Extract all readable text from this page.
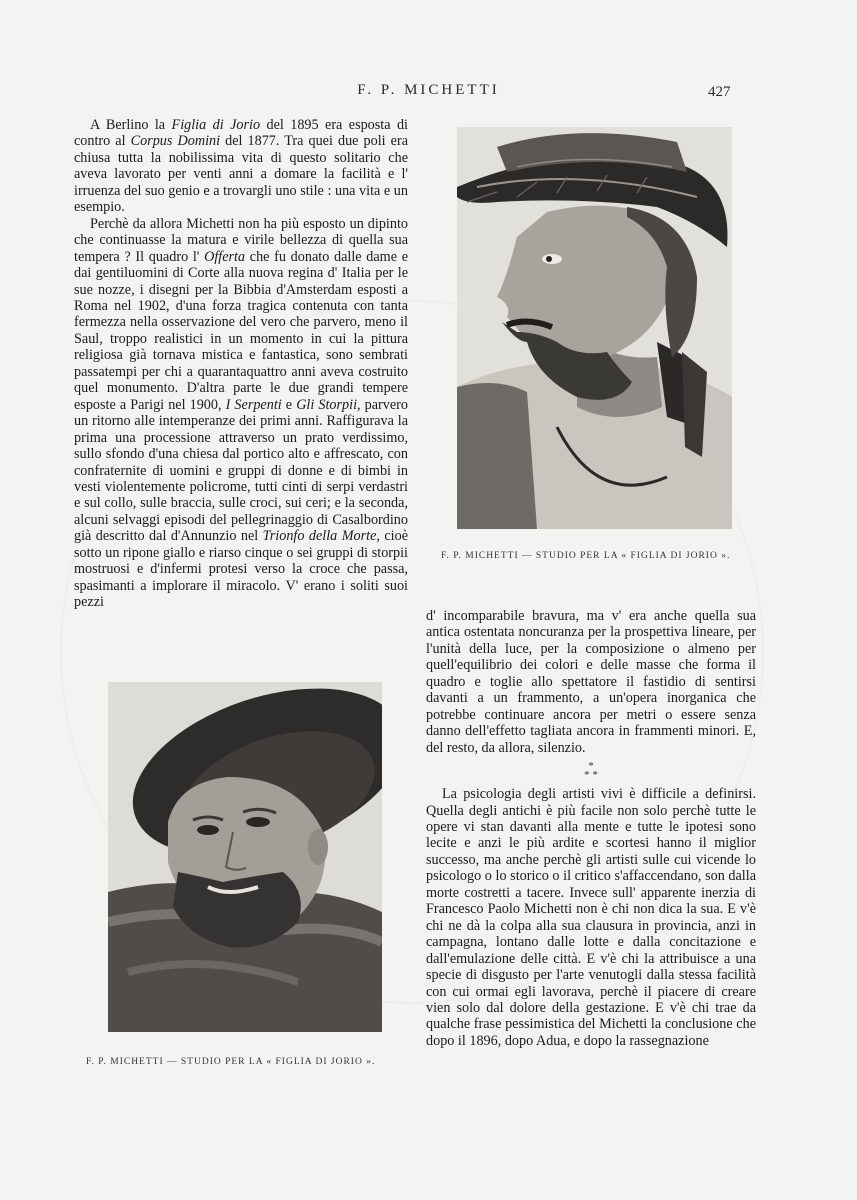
F. P. MICHETTI	427

A Berlino la Figlia di Jorio del 1895 era esposta di contro al Corpus Domini del 1877. Tra quei due poli era chiusa tutta la nobilissima vita di questo solitario che aveva lavorato per venti anni a domare la facilità e l' irruenza del suo genio e a trovargli uno stile : una vita e un esempio.

Perchè da allora Michetti non ha più esposto un dipinto che continuasse la matura e virile bellezza di quella sua tempera ? Il quadro l' Offerta che fu donato dalle dame e dai gentiluomini di Corte alla nuova regina d' Italia per le sue nozze, i disegni per la Bibbia d'Amsterdam esposti a Roma nel 1902, d'una forza tragica contenuta con tanta fermezza nella osservazione del vero che parvero, meno il Saul, troppo realistici in un momento in cui la pittura religiosa già tornava mistica e fantastica, sono sembrati passatempi per chi a quarantaquattro anni aveva costruito quel monumento. D'altra parte le due grandi tempere esposte a Parigi nel 1900, I Serpenti e Gli Storpii, parvero un ritorno alle intemperanze dei primi anni. Raffigurava la prima una processione attraverso un prato verdissimo, sullo sfondo d'una chiesa dal portico alto e affrescato, con confraternite di uomini e gruppi di donne e di bimbi in vesti violentemente policrome, tutti cinti di serpi verdastri e sul collo, sulle braccia, sulle croci, sui ceri; e la seconda, alcuni selvaggi episodi del pellegrinaggio di Casalbordino già descritto dal d'Annunzio nel Trionfo della Morte, cioè sotto un ripone giallo e riarso cinque o sei gruppi di storpii mostruosi e d'infermi protesi verso la croce che passa, spasimanti a implorare il miracolo. V' erano i soliti suoi pezzi

F. P. MICHETTI — STUDIO PER LA « FIGLIA DI JORIO ».
F. P. MICHETTI — STUDIO PER LA « FIGLIA DI JORIO ».

d' incomparabile bravura, ma v' era anche quella sua antica ostentata noncuranza per la prospettiva lineare, per l'unità della luce, per la composizione o almeno per quell'equilibrio dei colori e delle masse che forma il quadro e toglie allo spettatore il fastidio di sentirsi davanti a un frammento, a un'opera inorganica che potrebbe continuare ancora per metri o essere senza danno dell'effetto tagliata ancora in frammenti minori. E, del resto, da allora, silenzio.

*
* *

La psicologia degli artisti vivi è difficile a definirsi. Quella degli antichi è più facile non solo perchè tutte le opere vi stan davanti alla mente e tutte le ipotesi sono lecite e anzi le più ardite e scortesi hanno il miglior successo, ma anche perchè gli artisti sulle cui vicende lo psicologo o lo storico o il critico s'affaccendano, son dalla morte costretti a tacere. Invece sull' apparente inerzia di Francesco Paolo Michetti non è chi non dica la sua. E v'è chi ne dà la colpa alla sua clausura in provincia, anzi in campagna, lontano dalle lotte e dalla concitazione e dall'emulazione delle città. E v'è chi la attribuisce a una specie di disgusto per l'arte venutogli dalla stessa facilità con cui ormai egli lavorava, perchè il piacere di creare vien solo dal dolore della gestazione. E v'è chi trae da qualche frase pessimistica del Michetti la conclusione che dopo il 1896, dopo Adua, e dopo la rassegnazione
